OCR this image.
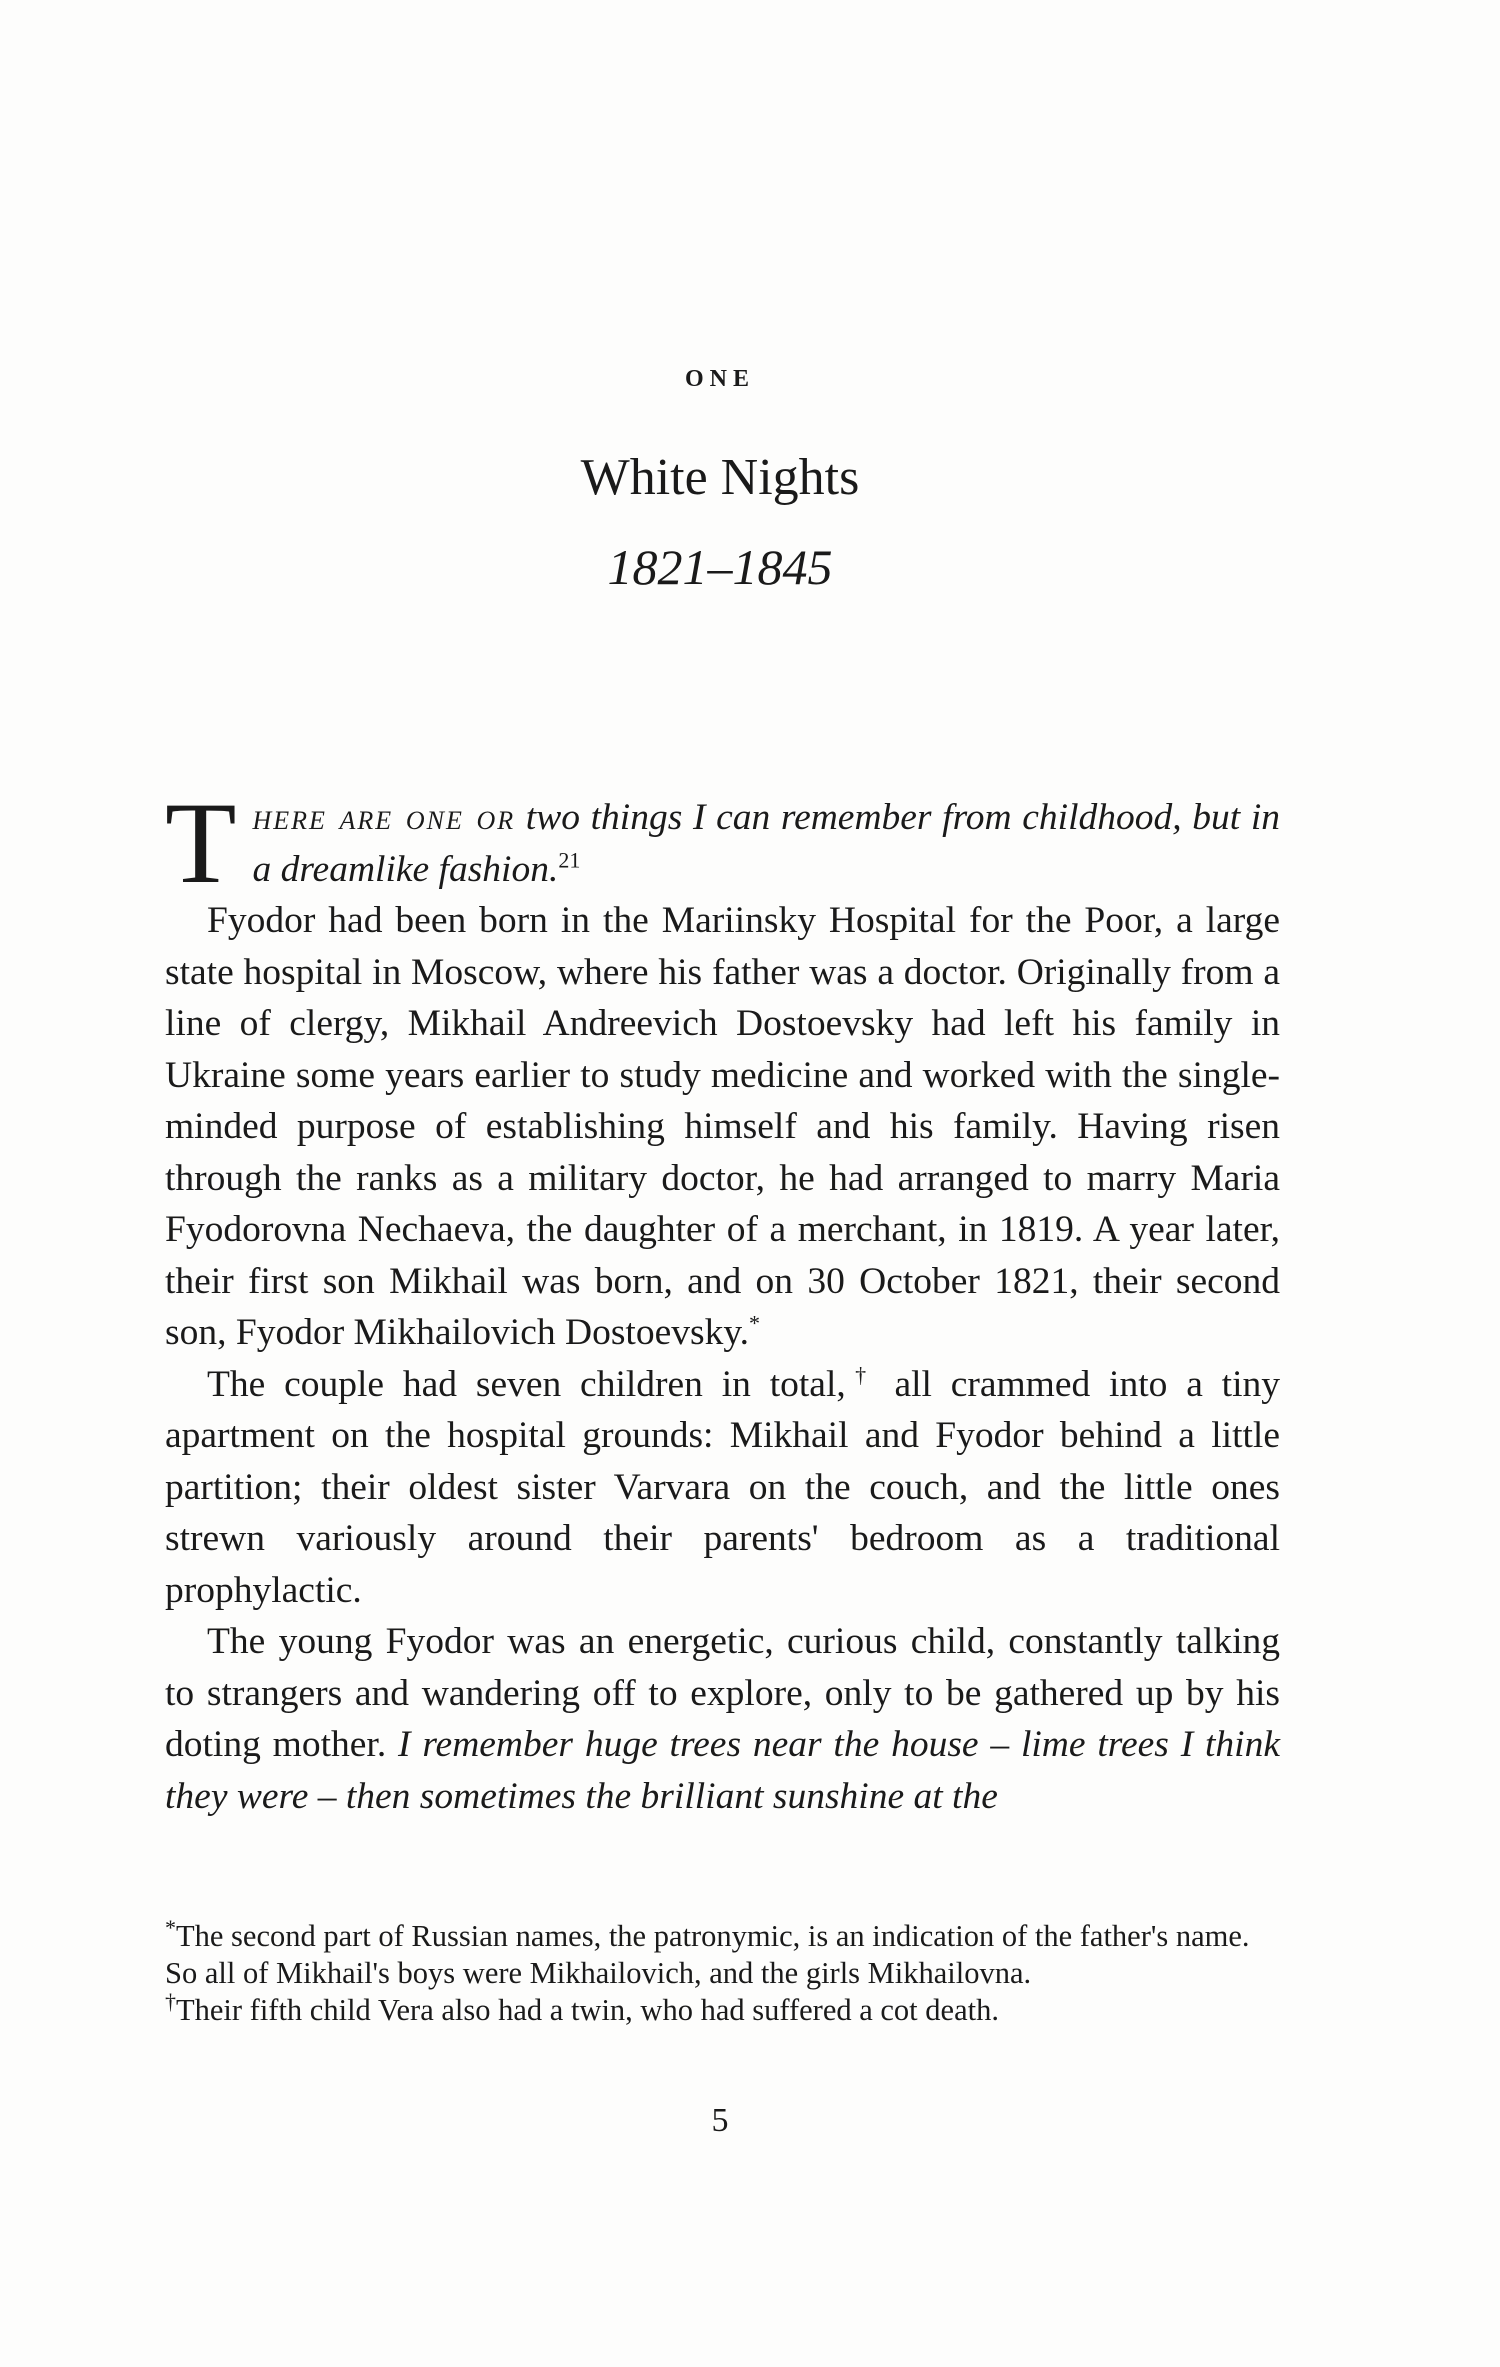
ONE
White Nights
1821–1845

There are one or two things I can remember from childhood, but in a dreamlike fashion.$^{21}$

Fyodor had been born in the Mariinsky Hospital for the Poor, a large state hospital in Moscow, where his father was a doctor. Originally from a line of clergy, Mikhail Andreevich Dostoevsky had left his family in Ukraine some years earlier to study medicine and worked with the single-minded purpose of establishing himself and his family. Having risen through the ranks as a military doctor, he had arranged to marry Maria Fyodorovna Nechaeva, the daughter of a merchant, in 1819. A year later, their first son Mikhail was born, and on 30 October 1821, their second son, Fyodor Mikhailovich Dostoevsky.*

The couple had seven children in total,† all crammed into a tiny apartment on the hospital grounds: Mikhail and Fyodor behind a little partition; their oldest sister Varvara on the couch, and the little ones strewn variously around their parents' bedroom as a traditional prophylactic.

The young Fyodor was an energetic, curious child, constantly talking to strangers and wandering off to explore, only to be gathered up by his doting mother. I remember huge trees near the house – lime trees I think they were – then sometimes the brilliant sunshine at the

*The second part of Russian names, the patronymic, is an indication of the father's name. So all of Mikhail's boys were Mikhailovich, and the girls Mikhailovna.

†Their fifth child Vera also had a twin, who had suffered a cot death.

5
